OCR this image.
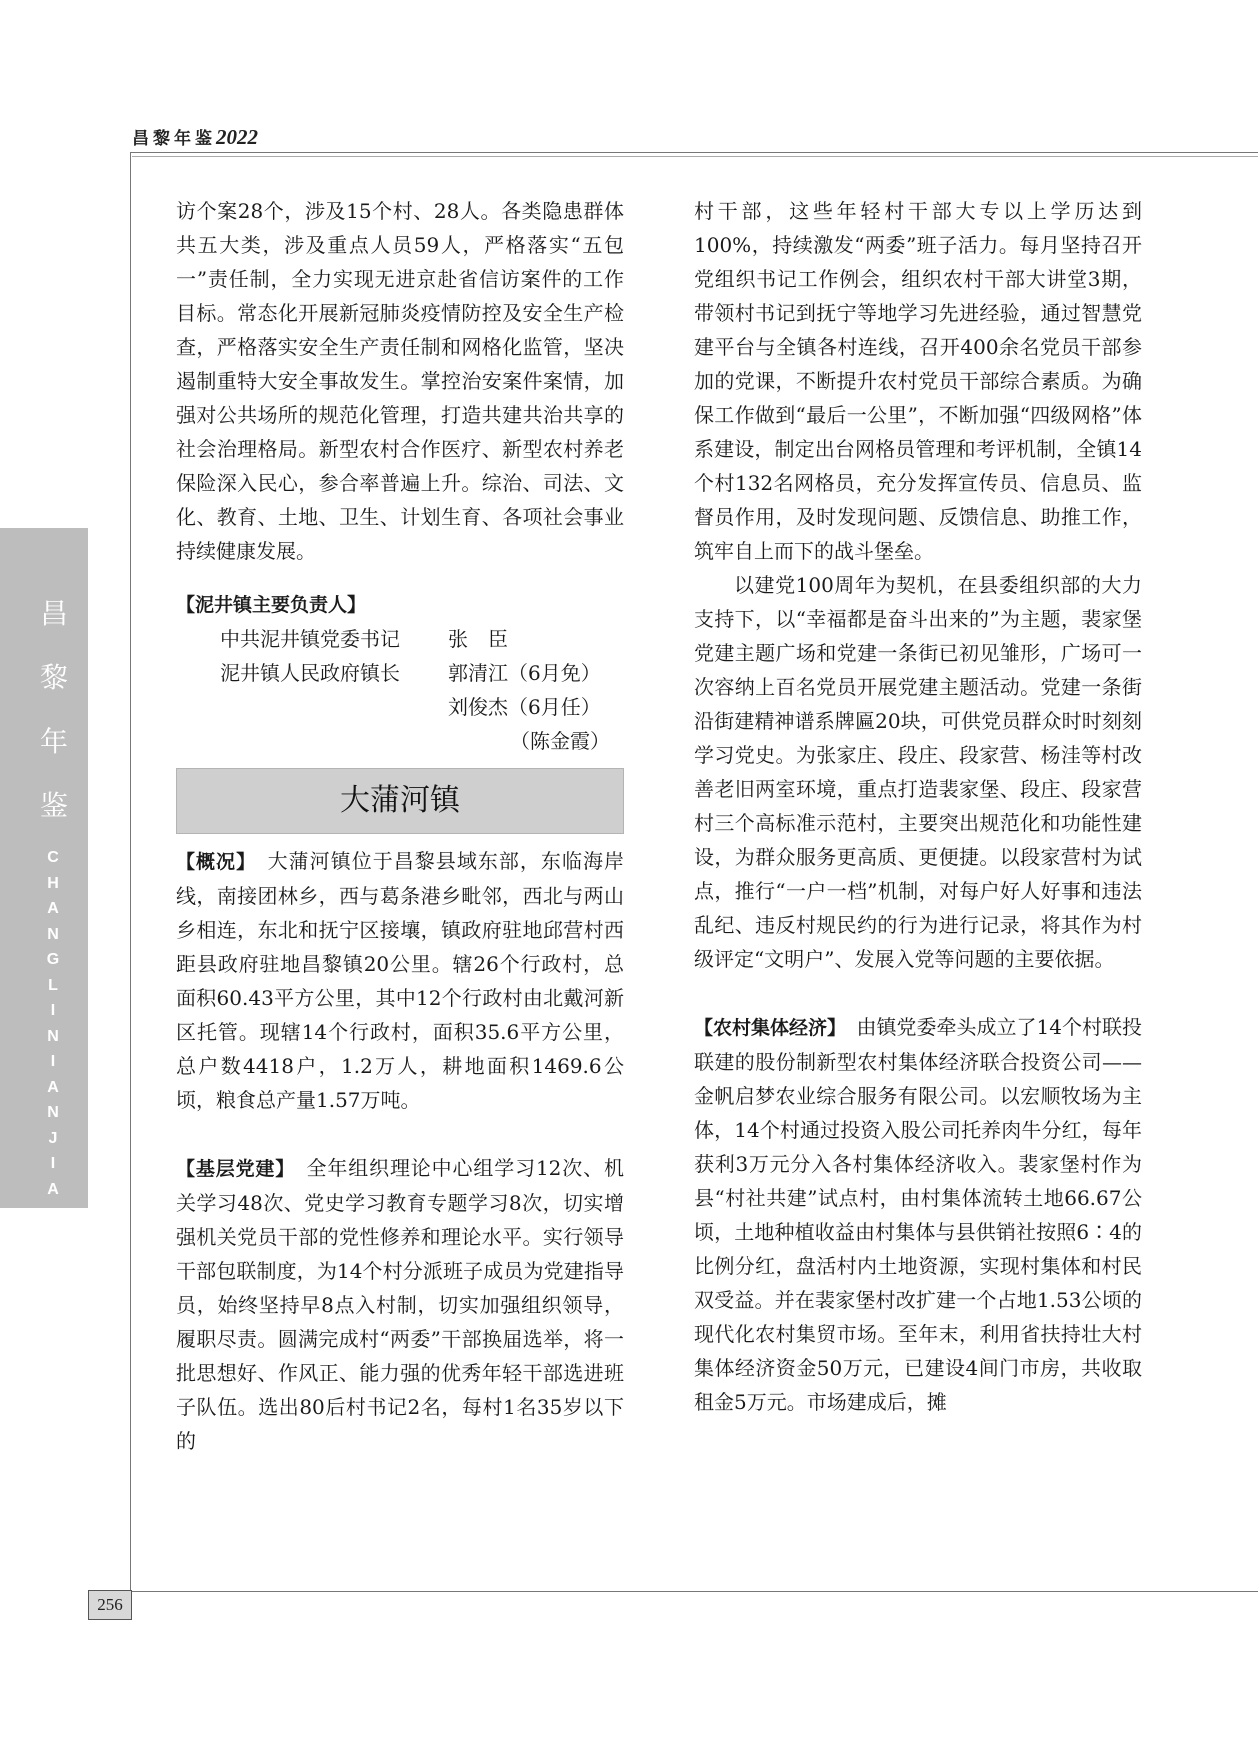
昌黎年鉴2022
昌
黎
年
鉴
C
H
A
N
G
L
I
N
I
A
N
J
I
A
N
256

访个案28个，涉及15个村、28人。各类隐患群体共五大类，涉及重点人员59人，严格落实“五包一”责任制，全力实现无进京赴省信访案件的工作目标。常态化开展新冠肺炎疫情防控及安全生产检查，严格落实安全生产责任制和网格化监管，坚决遏制重特大安全事故发生。掌控治安案件案情，加强对公共场所的规范化管理，打造共建共治共享的社会治理格局。新型农村合作医疗、新型农村养老保险深入民心，参合率普遍上升。综治、司法、文化、教育、土地、卫生、计划生育、各项社会事业持续健康发展。

【泥井镇主要负责人】

中共泥井镇党委书记	张　臣
泥井镇人民政府镇长	郭清江（6月免）
刘俊杰（6月任）

（陈金霞）

大蒲河镇

【概况】　 大蒲河镇位于昌黎县域东部，东临海岸线，南接团林乡，西与葛条港乡毗邻，西北与两山乡相连，东北和抚宁区接壤，镇政府驻地邱营村西距县政府驻地昌黎镇20公里。辖26个行政村，总面积60.43平方公里，其中12个行政村由北戴河新区托管。现辖14个行政村，面积35.6平方公里，总户数4418户，1.2万人，耕地面积1469.6公顷，粮食总产量1.57万吨。

【基层党建】　 全年组织理论中心组学习12次、机关学习48次、党史学习教育专题学习8次，切实增强机关党员干部的党性修养和理论水平。实行领导干部包联制度，为14个村分派班子成员为党建指导员，始终坚持早8点入村制，切实加强组织领导，履职尽责。圆满完成村“两委”干部换届选举，将一批思想好、作风正、能力强的优秀年轻干部选进班子队伍。选出80后村书记2名，每村1名35岁以下的

村干部，这些年轻村干部大专以上学历达到100%，持续激发“两委”班子活力。每月坚持召开党组织书记工作例会，组织农村干部大讲堂3期，带领村书记到抚宁等地学习先进经验，通过智慧党建平台与全镇各村连线，召开400余名党员干部参加的党课，不断提升农村党员干部综合素质。为确保工作做到“最后一公里”，不断加强“四级网格”体系建设，制定出台网格员管理和考评机制，全镇14个村132名网格员，充分发挥宣传员、信息员、监督员作用，及时发现问题、反馈信息、助推工作，筑牢自上而下的战斗堡垒。

以建党100周年为契机，在县委组织部的大力支持下，以“幸福都是奋斗出来的”为主题，裴家堡党建主题广场和党建一条街已初见雏形，广场可一次容纳上百名党员开展党建主题活动。党建一条街沿街建精神谱系牌匾20块，可供党员群众时时刻刻学习党史。为张家庄、段庄、段家营、杨洼等村改善老旧两室环境，重点打造裴家堡、段庄、段家营村三个高标准示范村，主要突出规范化和功能性建设，为群众服务更高质、更便捷。以段家营村为试点，推行“一户一档”机制，对每户好人好事和违法乱纪、违反村规民约的行为进行记录，将其作为村级评定“文明户”、发展入党等问题的主要依据。

【农村集体经济】　 由镇党委牵头成立了14个村联投联建的股份制新型农村集体经济联合投资公司——金帆启梦农业综合服务有限公司。以宏顺牧场为主体，14个村通过投资入股公司托养肉牛分红，每年获利3万元分入各村集体经济收入。裴家堡村作为县“村社共建”试点村，由村集体流转土地66.67公顷，土地种植收益由村集体与县供销社按照6∶4的比例分红，盘活村内土地资源，实现村集体和村民双受益。并在裴家堡村改扩建一个占地1.53公顷的现代化农村集贸市场。至年末，利用省扶持壮大村集体经济资金50万元，已建设4间门市房，共收取租金5万元。市场建成后，摊
